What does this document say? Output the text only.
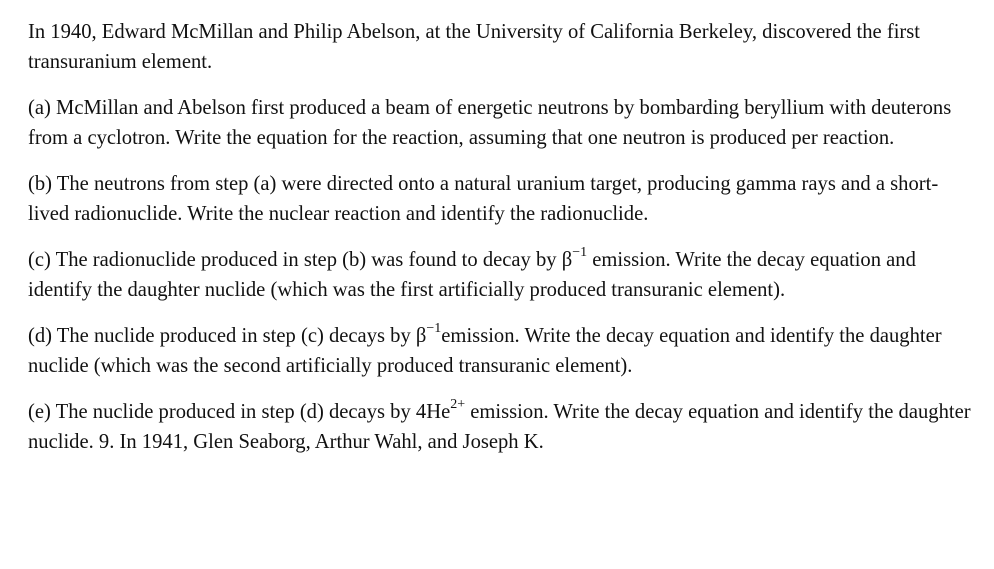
In 1940, Edward McMillan and Philip Abelson, at the University of California Berkeley, discovered the first transuranium element.

(a) McMillan and Abelson first produced a beam of energetic neutrons by bombarding beryllium with deuterons from a cyclotron. Write the equation for the reaction, assuming that one neutron is produced per reaction.

(b) The neutrons from step (a) were directed onto a natural uranium target, producing gamma rays and a short-lived radionuclide. Write the nuclear reaction and identify the radionuclide.

(c) The radionuclide produced in step (b) was found to decay by $\beta^{-1}$ emission. Write the decay equation and identify the daughter nuclide (which was the first artificially produced transuranic element).

(d) The nuclide produced in step (c) decays by $\beta^{-1}emission$. Write the decay equation and identify the daughter nuclide (which was the second artificially produced transuranic element).

(e) The nuclide produced in step (d) decays by $4He^{2+}$ emission. Write the decay equation and identify the daughter nuclide. 9. In 1941, Glen Seaborg, Arthur Wahl, and Joseph K.
